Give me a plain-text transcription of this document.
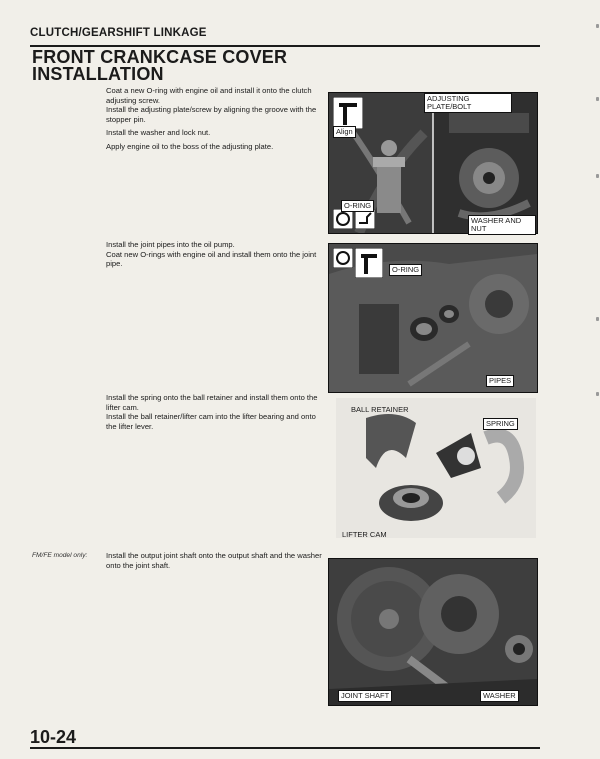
CLUTCH/GEARSHIFT LINKAGE
FRONT CRANKCASE COVER
INSTALLATION

Coat a new O-ring with engine oil and install it onto the clutch adjusting screw.

Install the adjusting plate/screw by aligning the groove with the stopper pin.

Install the washer and lock nut.

Apply engine oil to the boss of the adjusting plate.

ADJUSTING PLATE/BOLT
Align
O-RING
WASHER AND NUT

Install the joint pipes into the oil pump.

Coat new O-rings with engine oil and install them onto the joint pipe.

O-RING
PIPES

Install the spring onto the ball retainer and install them onto the lifter cam.

Install the ball retainer/lifter cam into the lifter bearing and onto the lifter lever.

BALL RETAINER
SPRING
LIFTER CAM
FM/FE model only: Install the output joint shaft onto the output shaft and the washer onto the joint shaft.

JOINT SHAFT	WASHER
10-24
